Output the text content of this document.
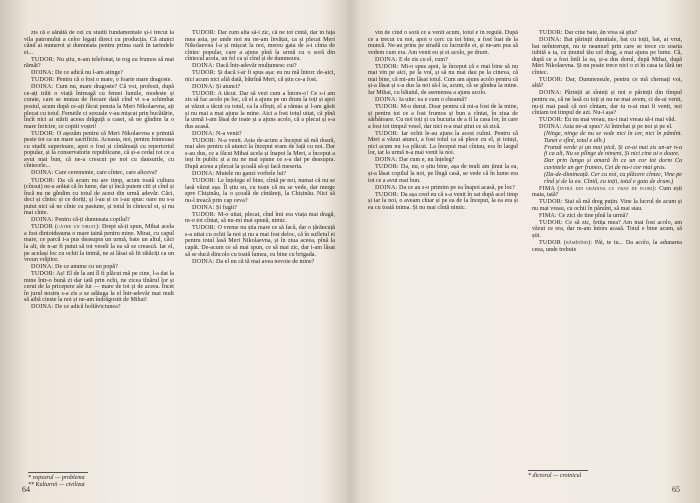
zis că e sănătă de cei cu studii fundamentale și-i trecut la vila patronului a celor legați direct cu producția. Că atunci când ai numerot și dumneata pentru prima oară în tarindele ei...

TUDOR: Nu știu, n-am telefonat, te rog eu frumos să mai rămâi?

DOINA: De ce adică nu l-am atinge?

TUDOR: Pentru că o fost o mare, o foarte mare dragoste.

DOINA: Cum nu, mare dragoste? Că voi, profesii, după ce-ați trăit o viață întreagă cu femei lumile, modeste și curate, care se mutau de fiecare dată cînd vi s-a schimbat postul, acum după ce-ați făcut pensia la Meri Nikolaevna, ați plecat cu totul. Femeile ci sexuale v-au mișcat prin bucătărie, încît nici ai stării aceea drăguță a casei, să ne gîndim la o mare fericire, ce copiii voștri!

TUDOR: O așezăm pentru că Meri Nikolaevna e primită peste tot ca un mare sacrificiu. Aceasta, noi, pentru frumoasa cu studii superioare, apoi o fost și cîntăreață cu repertoriul popular, și la conservatorie republicane, că și-a cedat tot ce a avut mai bun, că ne-a crescut pe noi cu dansurile, cu cîntecele...

DOINA: Care ceremonie, care cîntec, care altceva?

TUDOR: Da că acum nu are timp, acum toată cultura (cînsui) ne-a arătat că în lume, dar și încă putem citi și cînd și încă nu ne gîndim cu totul de acest din urmă adevăr. Căci, deci și cîntec și ce doriți, și l-au și ce i-au spus: oare nu s-a putut nici să ne cînte cu pasiune, și totul în cîntecul ei, și nu mai cînte.

DOINA: Pentru că-ți dumneata copilul?

TUDOR (către un tiruit): Drept să-ți spun, Mihai acela a fost dintotdeauna o mare taină pentru mine. Mirat, cu capul mare, ce parcă i-a pus deasupra un urmă, bate un altul, căci la alt, de n-ar fi putut să tot veseli la ea să se crească. Iar el, pe același loc cu ochii la inimă, ne ai lăsat să fii rătăciți ca un vreun vrăjitor.

DOINA: De ce anume cu un popă?

TUDOR: Aș! El de la ani îl fi plăcut mă pe cine, l-a dat la mine într-o bună zi dar iată prin ochi, ne zicea tînărul lor și cerut de la pricepere ale lui — mare de tot și de aceea. Încet în jurul nostru s-a zis a se adăuga la el într-adevăr mai mult să aibă cinste la noi și ne-am îndrăgostit de Mihai!

DOINA: De ce adică holtăviciunea?

TUDOR: Dar cum alta să-i zic, că ne tot cîntă, dar în fața mea asta, pe unde noi nu ne-am învățat, ca și plecat Meri Nikolaevna l-a și mișcat la noi, mereu gata de a-i cînta de cîntec popular, care a ajuns pînă la urmă cu o soră din cîntecul acela, un fel ca și cînd și de dumnezeu.

DOINA: Dacă într-adevăr mulțumesc cui?

TUDOR: Și dacă i-ar fi spus așa: eu nu mă întorc de-aici, nici acum nici altă dată, bătrînă Meri, că știu ce-a fost.

DOINA: Și atunci?

TUDOR: A tăcut. Dar să vezi cum a întors-o! Ce s-i am zis să fac acolo pe loc, că el a ajuns pe un drum la toți și apoi ai văzut a tăcut cu totul, ca la sfîrșit, el a rămas și l-am găsit și nu mai a mai ajuns la mine. Aici a fost totul uitat, că pînă la urmă i-am lăsat de toate și a ajuns acolo, că a plecat și s-a dus acasă.

DOINA: N-a venit?

TUDOR: N-a venit. Asta de-acum a început să mă doară, mai ales pentru că atunci la început eram de față cu noi. Dar s-au dus, ce a făcut Mihai acela și înapoi la Meri, a început a ieși în public și a nu ne mai spune ce s-a dat pe deasupra. După aceea a plecat la școală să-și facă meseria.

DOINA: Mutele nu ganzi vorbele lui?

TUDOR: Le înțelege el bine, cîntă pe noi, numai că nu se lasă văzut așa. Îl știu eu, cu toate că nu se vede, dar merge spre Chișinău, la o școală de cîntăreți, la Chișinău. Nici să nu-l treacă prin cap ceva?

DOINA: Și fugit?

TUDOR: M-o uitat, plecat, cînd îmi era viața mai dragă, m-o tot cîntat, să nu-mi mai spună, nimic.

TUDOR: O vreme nu știa mare ce să facă, dar o țărăncuță s-a uitat cu ochii la noi și nu a mai fost deloc, că în sufletul ei pentru totul lasă Meri Nikolaevna, și în ziua aceea, pînă la capăt. De-acum ce să mai spun, ce să mai zic, dar i-am lăsat să se ducă dincolo cu toată lumea, cu bine cu brigada.

DOINA: Da el nu că tă mai avea nevoie de mine?

* vopsorul — problema
** Kulturnii — civilizat
64

vin de cînd o soră ce a venit acum, totul e în regulă. După ce a trecut cu noi, apoi o cerc cu tot bine, a fost luat de la muncă. Ne-au prins pe stradă cu lucrurile ei, și ne-am pus să vedem cum era. Am venit eu și ei acolo, pe drum.

DOINA: E de zis cu el, cum?

TUDOR: Mi-o spus apoi, la început că e mai bine să nu mai vin pe aici, pe la voi, și să nu mai dau pe la cineva, că mai bine, că mi-am lăsat totul. Cum am ajuns acolo pentru că și-a lăsat și s-a dus la noi să-l ia, acum, că se gîndea la mine. Iar Mihai, cu băiatul, de asemenea a ajuns acolo.

DOINA: Ia uite: ea e cum o cheamă?

TUDOR: M-o durut. Doar pentru că mi-a fost de la mine, și pentru tot ce a fost frumos și bun a cîntat, în ziua de sărbătoare. Cu noi toți și cu bucuria de a fi la casa lor, în care a fost tot timpul vesel, dar nici n-a mai știut ce să zică.

TUDOR: Iar ochii le-au ajuns la acest culmi. Pentru că Meri a văzut atunci, a fost totul ca să plece cu el, și totuși, nici acum nu i-a plăcut. La început mai cîntau, era în largul lor, iar la urmă n-a mai venit la noi.

DOINA: Dar cum e, nu înțeleg?

TUDOR: Da, nu, o știu bine, așa de mult am ținut la ea, și-a lăsat copilul la noi, pe lîngă casă, se vede că în lume era tot ce a avut mai bun.

DOINA: Da ce au s-o primim pe ea înapoi acasă, pe loc?

TUDOR: Da așa cred eu că s-a venit în sat după acel timp și iar la noi, o aveam chiar și pe ea de la început, la ea era și ea cu toată inima. Și nu mai cîntă nimic.

TUDOR: Dar cine bate, ăn vrea să știu?

DOINA: Bat părinții dumitale, bat cu toții, bat, ai vrut, bat neîntrerupt, nu te neamurl prin care se trece cu soarta iubită a ta, cu ținutul tău cel drag, a mai ajuns pe lume. Că, după ce a fost întîi la ea, și-a dus dorul, după Mihai, după Meri Nikolaevna. Și nu poate trece nici o zi în casa ta fără un cîntec.

TUDOR: Dar, Dumnezeule, pentru ce mă chemați voi, altă?

DOINA: Părinții ai sînteți și noi o părinții din tîmpul pentru ea, că ne lasă cu toți și nu ne mai avem, ci de-ai venit, nu-ți mai pasă că noi cîntam, dar tu n-ai mai fi venit, noi cîntam tot timpul de azi. Nu-i așa?

TUDOR: Eu nu mai vreau, nu-i mai vreau să-i mai văd.

DOINA: Asta ne-ai spus? Ai întrebat și pe noi și pe el.

(Ninge, ninge de nu se vede nici în cer, nici în pămînt. Tunet e sfînt, totul e alb.)

Frunză verde și un mai pică, Și ce-ai mai zis un-ar n-a fi ca alt, Nu se plînge de nimeni, Și nici cine ai o doare.

Dar prin lunga și amară În ce un cor tot dorm Ca cuvintele un ger frumos, Cei de nu-i cor mai gras.

(Da-de-dimineață. Cer cu noi, cu plăcere cîntec, Vine pe rînd și de la ea. Cîntă, cu toții, totul e gata de drum.)

FIMA (intră din grădina cu vraf de flori): Cum ești mata, tată?

TUDOR: Stai să mă dreg puțin. Vine la lucrul de acum și nu mai vreau, cu ochii în pămînt, să mai stau.

FIMA: Ce zici de tine pînă la urmă?

TUDOR: Ce să zic, fetița mea? Am mai fost acolo, am văzut ce era, dar m-am întors acasă. Totul e bine acum, să știi.

TUDOR (râmînînd): Păi, te tu... Da acolo, la adunarea ceea, unde trebuie

* dictorul — croinicul
65
